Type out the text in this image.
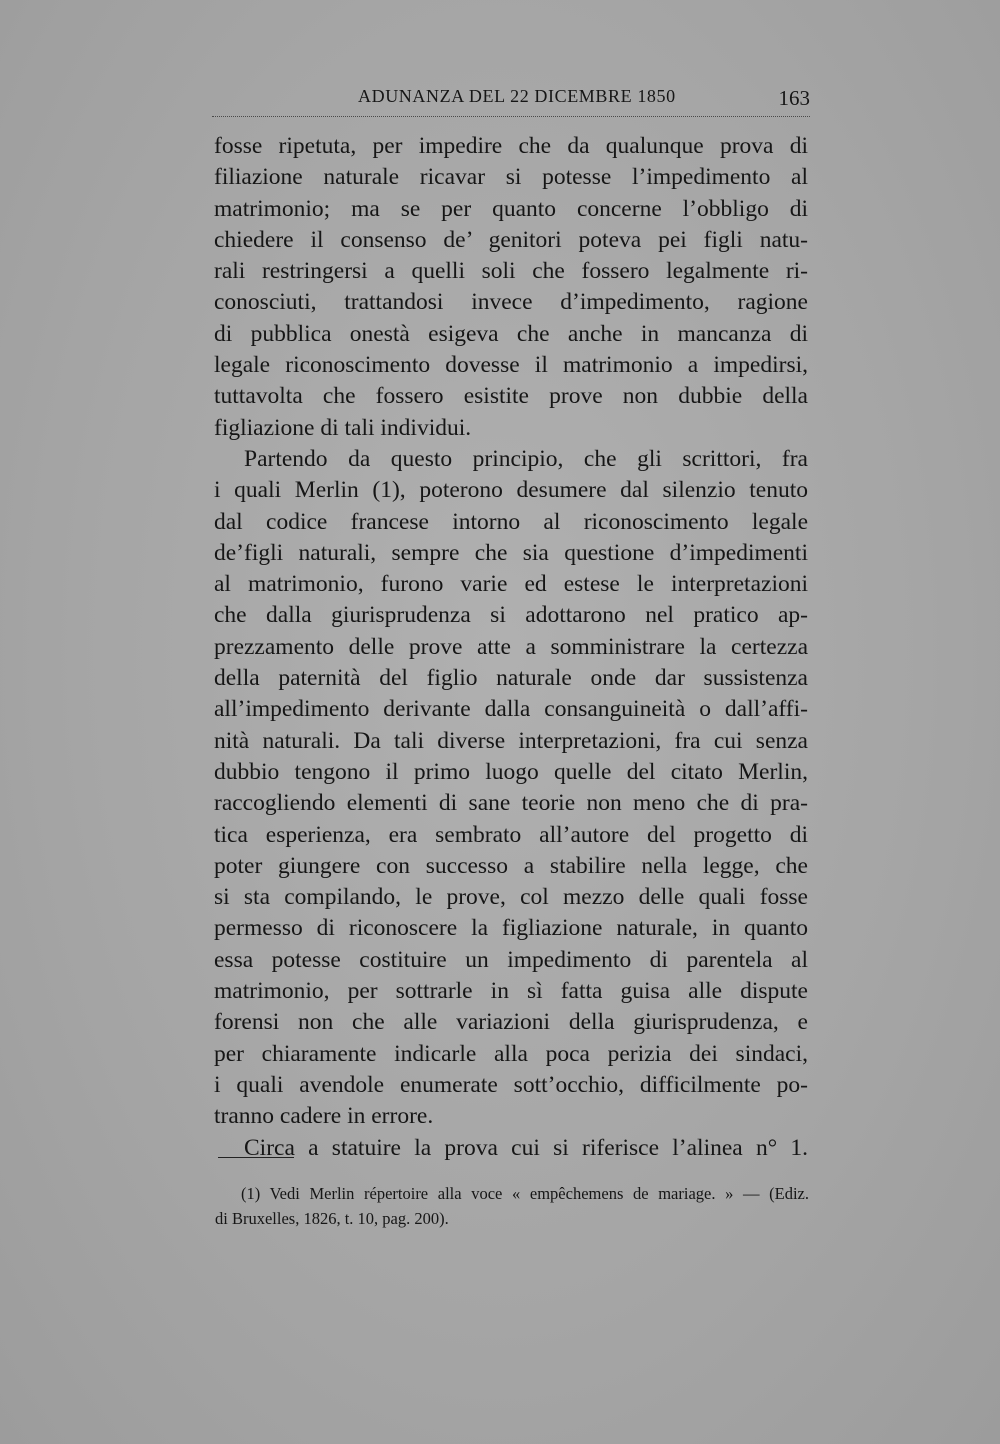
ADUNANZA DEL 22 DICEMBRE 1850	163
fosse ripetuta, per impedire che da qualunque prova di
filiazione naturale ricavar si potesse l’impedimento al
matrimonio; ma se per quanto concerne l’obbligo di
chiedere il consenso de’ genitori poteva pei figli natu-
rali restringersi a quelli soli che fossero legalmente ri-
conosciuti, trattandosi invece d’impedimento, ragione
di pubblica onestà esigeva che anche in mancanza di
legale riconoscimento dovesse il matrimonio a impedirsi,
tuttavolta che fossero esistite prove non dubbie della
figliazione di tali individui.
Partendo da questo principio, che gli scrittori, fra
i quali Merlin (1), poterono desumere dal silenzio tenuto
dal codice francese intorno al riconoscimento legale
de’figli naturali, sempre che sia questione d’impedimenti
al matrimonio, furono varie ed estese le interpretazioni
che dalla giurisprudenza si adottarono nel pratico ap-
prezzamento delle prove atte a somministrare la certezza
della paternità del figlio naturale onde dar sussistenza
all’impedimento derivante dalla consanguineità o dall’affi-
nità naturali. Da tali diverse interpretazioni, fra cui senza
dubbio tengono il primo luogo quelle del citato Merlin,
raccogliendo elementi di sane teorie non meno che di pra-
tica esperienza, era sembrato all’autore del progetto di
poter giungere con successo a stabilire nella legge, che
si sta compilando, le prove, col mezzo delle quali fosse
permesso di riconoscere la figliazione naturale, in quanto
essa potesse costituire un impedimento di parentela al
matrimonio, per sottrarle in sì fatta guisa alle dispute
forensi non che alle variazioni della giurisprudenza, e
per chiaramente indicarle alla poca perizia dei sindaci,
i quali avendole enumerate sott’occhio, difficilmente po-
tranno cadere in errore.
Circa a statuire la prova cui si riferisce l’alinea n° 1.
(1) Vedi Merlin répertoire alla voce « empêchemens de mariage. » — (Ediz.
di Bruxelles, 1826, t. 10, pag. 200).
